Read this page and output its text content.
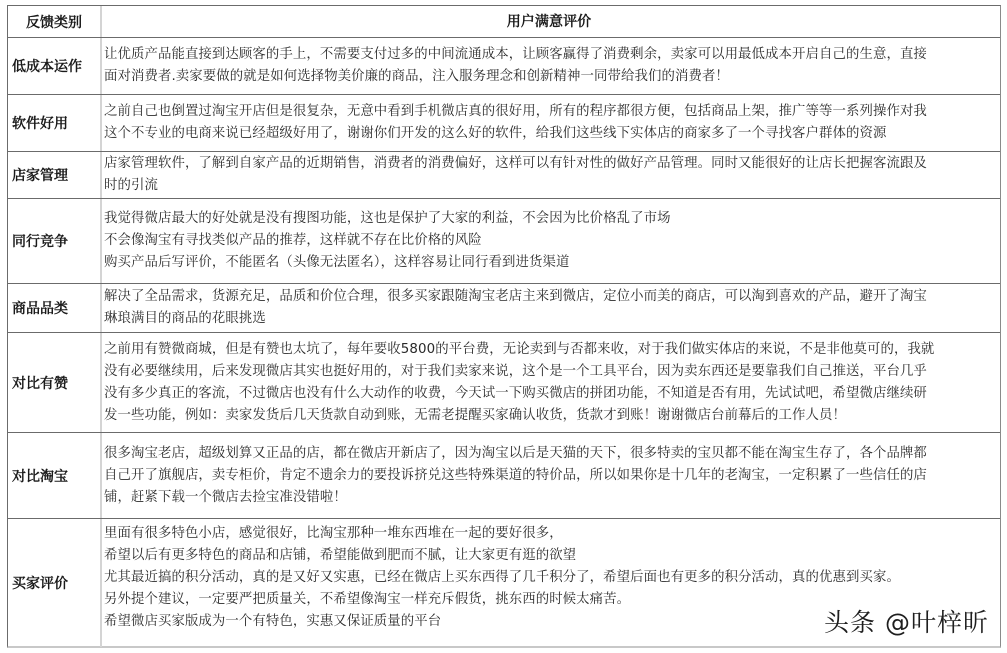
反馈类别	用户满意评价
低成本运作
让优质产品能直接到达顾客的手上，不需要支付过多的中间流通成本，让顾客赢得了消费剩余，卖家可以用最低成本开启自己的生意，直接
面对消费者.卖家要做的就是如何选择物美价廉的商品，注入服务理念和创新精神一同带给我们的消费者！
软件好用
之前自己也倒置过淘宝开店但是很复杂，无意中看到手机微店真的很好用，所有的程序都很方便，包括商品上架，推广等等一系列操作对我
这个不专业的电商来说已经超级好用了，谢谢你们开发的这么好的软件，给我们这些线下实体店的商家多了一个寻找客户群体的资源
店家管理
店家管理软件，了解到自家产品的近期销售，消费者的消费偏好，这样可以有针对性的做好产品管理。同时又能很好的让店长把握客流跟及
时的引流
同行竞争
我觉得微店最大的好处就是没有搜图功能，这也是保护了大家的利益，不会因为比价格乱了市场
不会像淘宝有寻找类似产品的推荐，这样就不存在比价格的风险
购买产品后写评价，不能匿名（头像无法匿名），这样容易让同行看到进货渠道
商品品类
解决了全品需求，货源充足，品质和价位合理，很多买家跟随淘宝老店主来到微店，定位小而美的商店，可以淘到喜欢的产品，避开了淘宝
琳琅满目的商品的花眼挑选
对比有赞
之前用有赞微商城，但是有赞也太坑了，每年要收5800的平台费，无论卖到与否都来收，对于我们做实体店的来说，不是非他莫可的，我就
没有必要继续用，后来发现微店其实也挺好用的，对于我们卖家来说，这个是一个工具平台，因为卖东西还是要靠我们自己推送，平台几乎
没有多少真正的客流，不过微店也没有什么大动作的收费，今天试一下购买微店的拼团功能，不知道是否有用，先试试吧，希望微店继续研
发一些功能，例如：卖家发货后几天货款自动到账，无需老提醒买家确认收货，货款才到账！谢谢微店台前幕后的工作人员！
对比淘宝
很多淘宝老店，超级划算又正品的店，都在微店开新店了，因为淘宝以后是天猫的天下，很多特卖的宝贝都不能在淘宝生存了，各个品牌都
自己开了旗舰店，卖专柜价，肯定不遗余力的要投诉挤兑这些特殊渠道的特价品，所以如果你是十几年的老淘宝，一定积累了一些信任的店
铺，赶紧下载一个微店去捡宝准没错啦！
买家评价
里面有很多特色小店，感觉很好，比淘宝那种一堆东西堆在一起的要好很多，
希望以后有更多特色的商品和店铺，希望能做到肥而不腻，让大家更有逛的欲望
尤其最近搞的积分活动，真的是又好又实惠，已经在微店上买东西得了几千积分了，希望后面也有更多的积分活动，真的优惠到买家。
另外提个建议，一定要严把质量关，不希望像淘宝一样充斥假货，挑东西的时候太痛苦。
希望微店买家版成为一个有特色，实惠又保证质量的平台	头条 @叶梓昕
